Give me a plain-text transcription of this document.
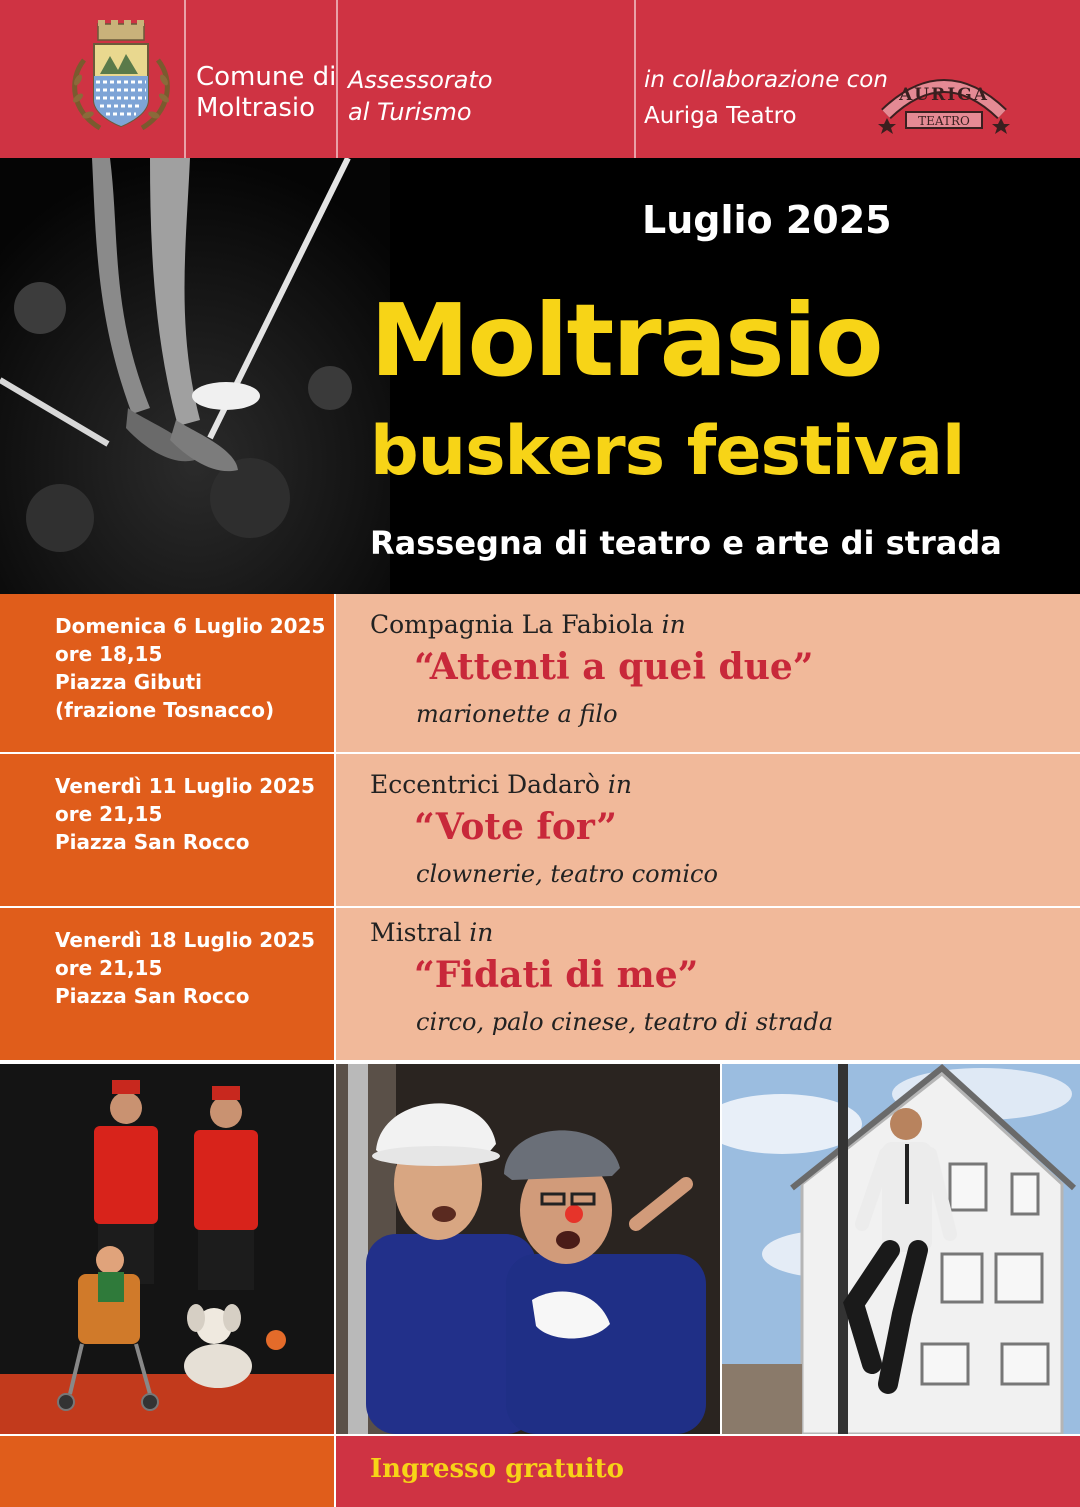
Comune di
Moltrasio
Assessorato
al Turismo
in collaborazione con
Auriga Teatro
AURIGA
TEATRO
Luglio 2025
Moltrasio
buskers festival
Rassegna di teatro e arte di strada
Domenica 6 Luglio 2025
ore 18,15
Piazza Gibuti
(frazione Tosnacco)
Compagnia La Fabiola in
“Attenti a quei due”
marionette a filo
Venerdì 11 Luglio 2025
ore 21,15
Piazza San Rocco
Eccentrici Dadarò in
“Vote for”
clownerie, teatro comico
Venerdì 18 Luglio 2025
ore 21,15
Piazza San Rocco
Mistral in
“Fidati di me”
circo, palo cinese, teatro di strada
Ingresso gratuito
